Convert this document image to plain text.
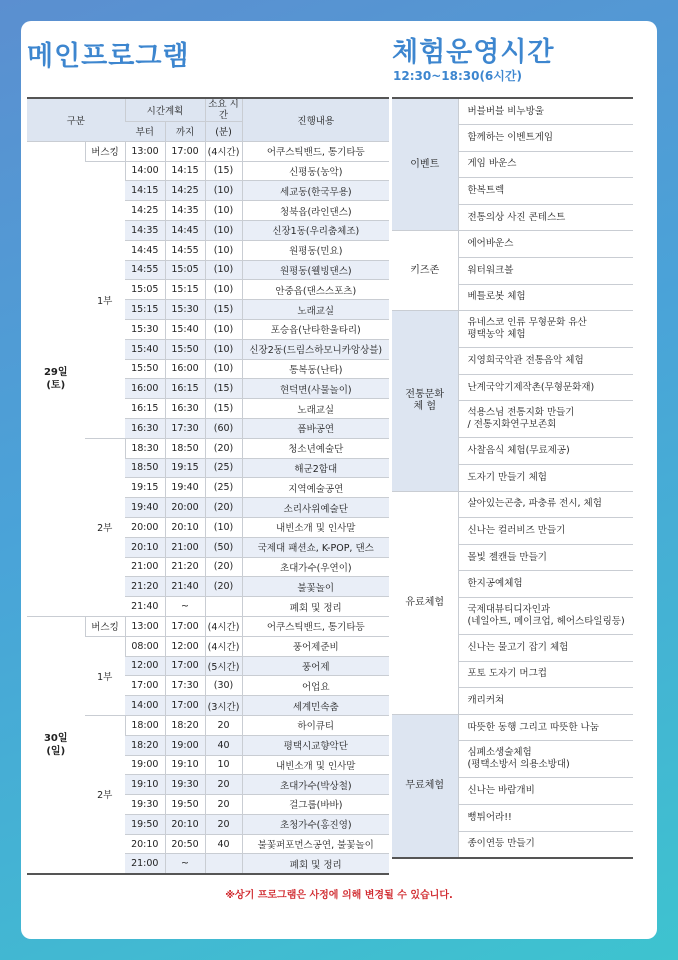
메인프로그램	체험운영시간
12:30~18:30(6시간)
구분		시간계획		소요 시간	진행내용
		부터	까지	(분)	
29일
(토)	버스킹	13:00	17:00	(4시간)	어쿠스틱밴드, 통기타등
	1부	14:00	14:15	(15)	신평동(농악)
		14:15	14:25	(10)	세교동(한국무용)
		14:25	14:35	(10)	청북읍(라인댄스)
		14:35	14:45	(10)	신장1동(우리춤체조)
		14:45	14:55	(10)	원평동(민요)
		14:55	15:05	(10)	원평동(웰빙댄스)
		15:05	15:15	(10)	안중읍(댄스스포츠)
		15:15	15:30	(15)	노래교실
		15:30	15:40	(10)	포승읍(난타한울타리)
		15:40	15:50	(10)	신장2동(드림스하모니카앙상블)
		15:50	16:00	(10)	통복동(난타)
		16:00	16:15	(15)	현덕면(사물놀이)
		16:15	16:30	(15)	노래교실
		16:30	17:30	(60)	폼바공연
	2부	18:30	18:50	(20)	청소년예술단
		18:50	19:15	(25)	해군2함대
		19:15	19:40	(25)	지역예술공연
		19:40	20:00	(20)	소리사위예술단
		20:00	20:10	(10)	내빈소개 및 인사말
		20:10	21:00	(50)	국제대 패션쇼, K-POP, 댄스
		21:00	21:20	(20)	초대가수(우연이)
		21:20	21:40	(20)	불꽃놀이
		21:40	~		폐회 및 정리
30일
(일)	버스킹	13:00	17:00	(4시간)	어쿠스틱밴드, 통기타등
	1부	08:00	12:00	(4시간)	풍어제준비
		12:00	17:00	(5시간)	풍어제
		17:00	17:30	(30)	어업요
		14:00	17:00	(3시간)	세계민속춤
	2부	18:00	18:20	20	하이큐티
		18:20	19:00	40	평택시교향악단
		19:00	19:10	10	내빈소개 및 인사말
		19:10	19:30	20	초대가수(박상철)
		19:30	19:50	20	걸그룹(바바)
		19:50	20:10	20	초청가수(홍진영)
		20:10	20:50	40	불꽃퍼포먼스공연, 불꽃놀이
		21:00	~		폐회 및 정리
이벤트	버블버블 비누방울
	함께하는 이벤트게임
	게임 바운스
	한복트렉
	전통의상 사진 콘테스트
키즈존	에어바운스
	워터워크볼
	베틀로봇 체험
전통문화
체 험	유네스코 인류 무형문화 유산
평택농악 체험
	지영희국악관 전통음악 체험
	난계국악기제작촌(무형문화재)
	석용스님 전통지화 만들기
/ 전통지화연구보존회
	사찰음식 체험(무료제공)
	도자기 만들기 체험
유료체험	살아있는곤충, 파충류 전시, 체험
	신나는 컬러비즈 만들기
	몰빛 젤캔들 만들기
	한지공예체험
	국제대뷰티디자인과
(네일아트, 메이크업, 헤어스타일링등)
	신나는 물고기 잡기 체험
	포토 도자기 머그컵
	캐리커쳐
무료체험	따뜻한 동행 그리고 따뜻한 나눔
	심폐소생술체험
(평택소방서 의용소방대)
	신나는 바람개비
	뻥튀어라!!
	종이연등 만들기
※상기 프로그램은 사정에 의해 변경될 수 있습니다.
